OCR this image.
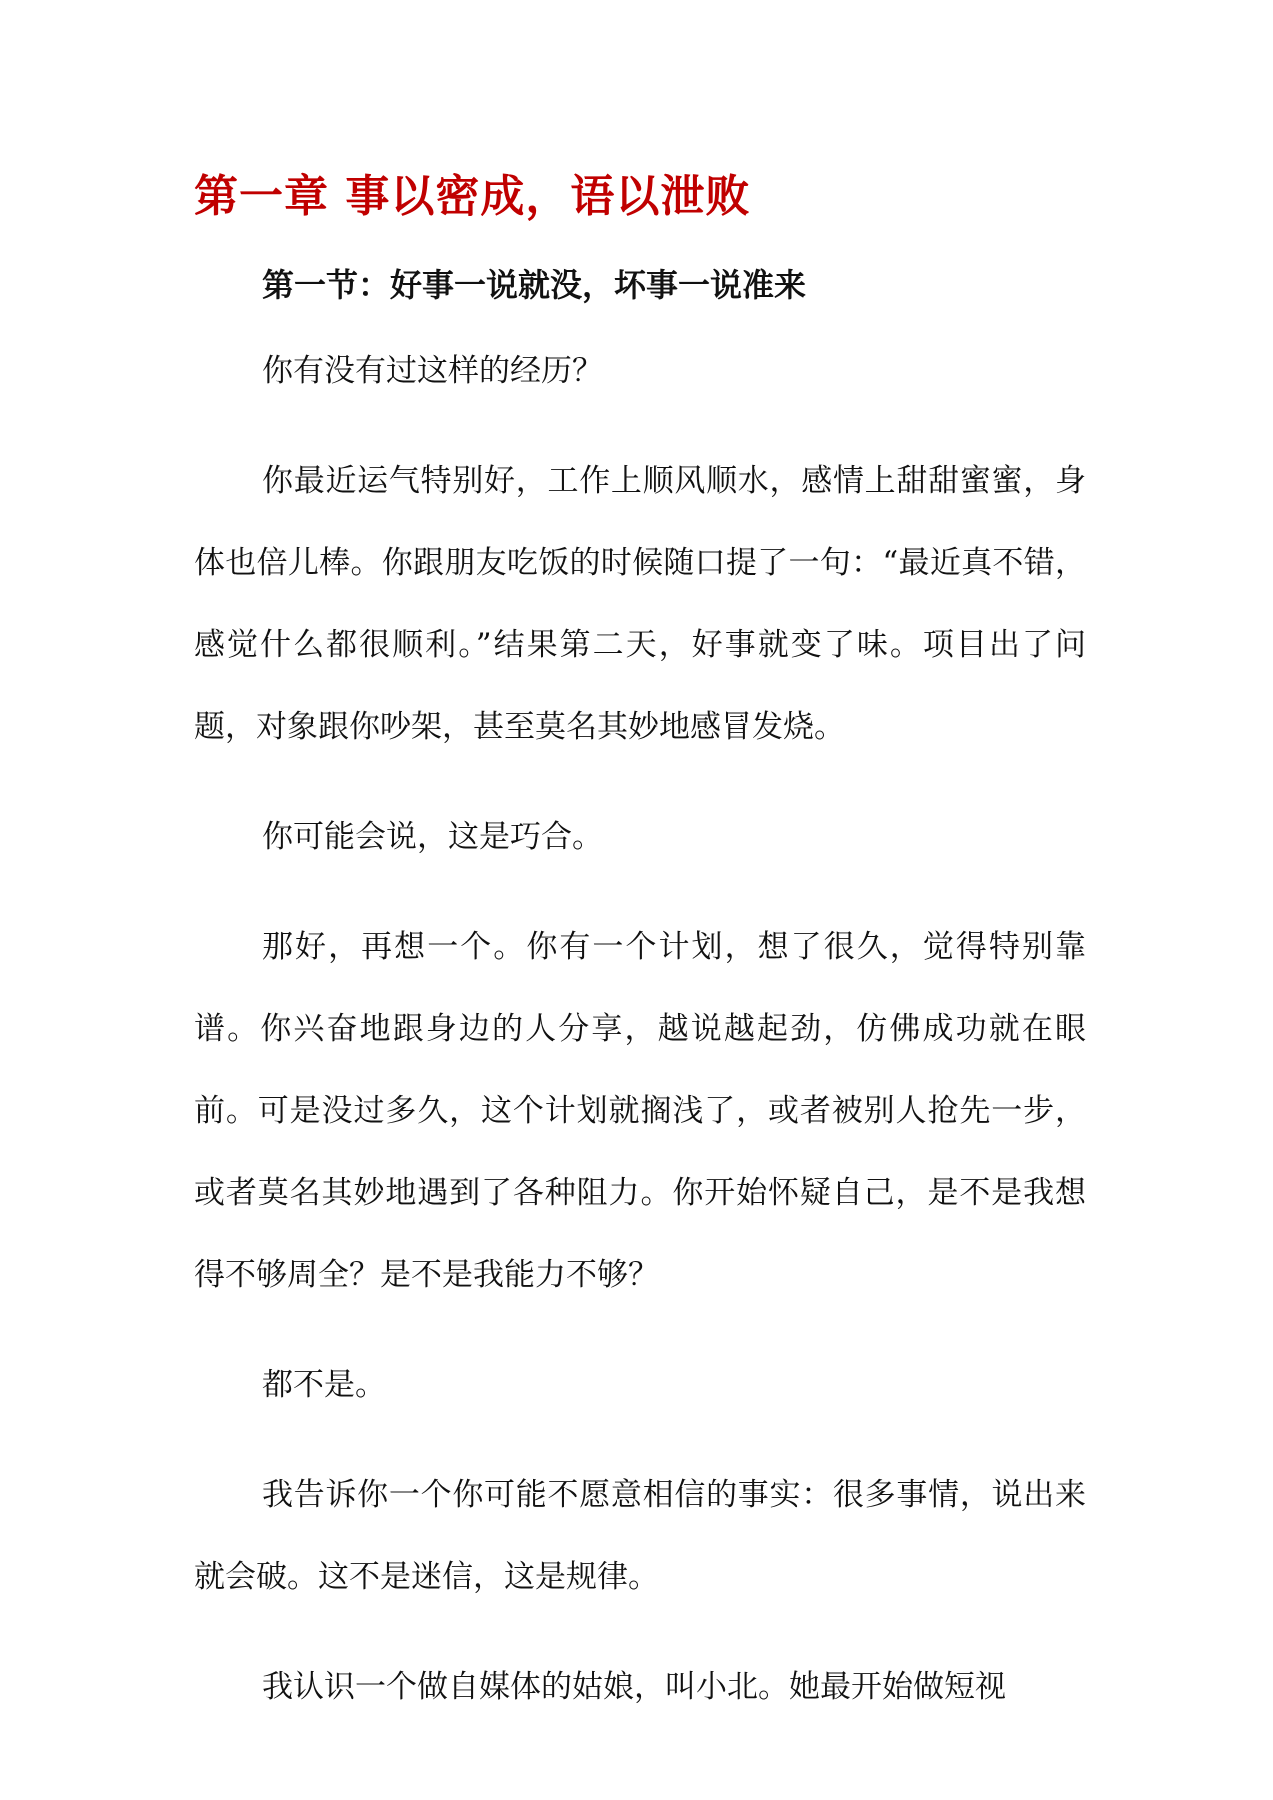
第一章 事以密成，语以泄败
第一节：好事一说就没，坏事一说准来

你有没有过这样的经历？

你最近运气特别好，工作上顺风顺水，感情上甜甜蜜蜜，身体也倍儿棒。你跟朋友吃饭的时候随口提了一句：“最近真不错，感觉什么都很顺利。”结果第二天，好事就变了味。项目出了问题，对象跟你吵架，甚至莫名其妙地感冒发烧。

你可能会说，这是巧合。

那好，再想一个。你有一个计划，想了很久，觉得特别靠谱。你兴奋地跟身边的人分享，越说越起劲，仿佛成功就在眼前。可是没过多久，这个计划就搁浅了，或者被别人抢先一步，或者莫名其妙地遇到了各种阻力。你开始怀疑自己，是不是我想得不够周全？是不是我能力不够？

都不是。

我告诉你一个你可能不愿意相信的事实：很多事情，说出来就会破。这不是迷信，这是规律。

我认识一个做自媒体的姑娘，叫小北。她最开始做短视
